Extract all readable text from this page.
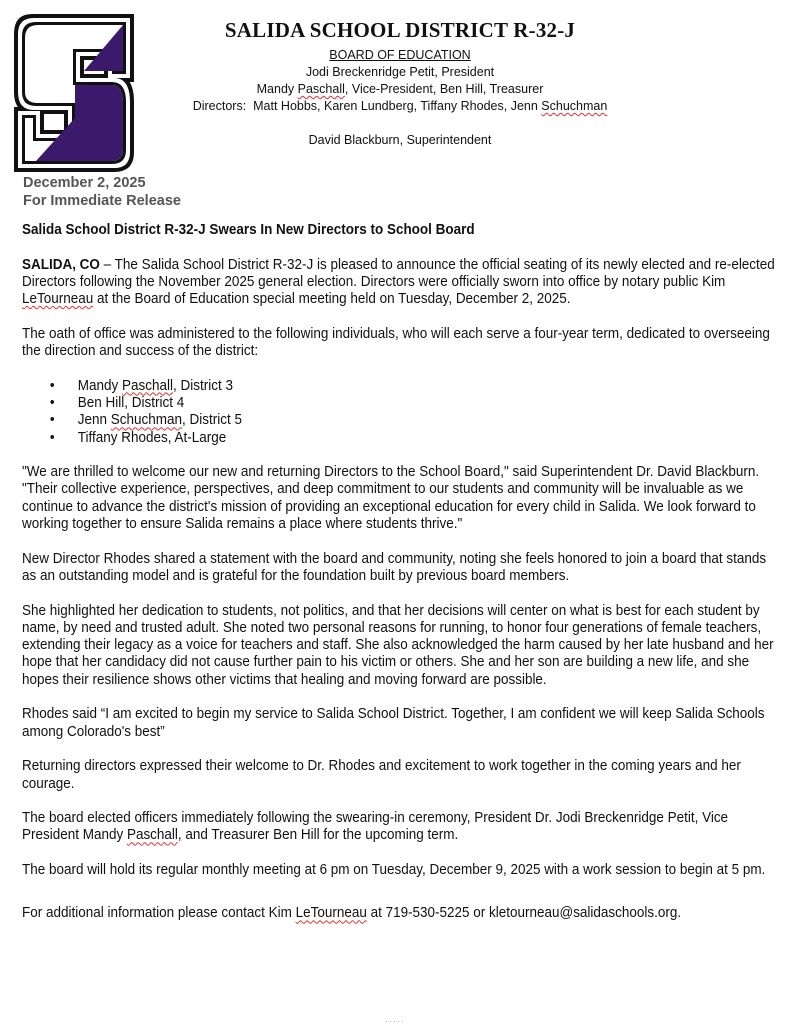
SALIDA SCHOOL DISTRICT R-32-J
BOARD OF EDUCATION
Jodi Breckenridge Petit, President
Mandy Paschall, Vice-President, Ben Hill, Treasurer
Directors:  Matt Hobbs, Karen Lundberg, Tiffany Rhodes, Jenn Schuchman
David Blackburn, Superintendent
December 2, 2025
For Immediate Release

Salida School District R-32-J Swears In New Directors to School Board

SALIDA, CO – The Salida School District R-32-J is pleased to announce the official seating of its newly elected and re-elected Directors following the November 2025 general election. Directors were officially sworn into office by notary public Kim LeTourneau at the Board of Education special meeting held on Tuesday, December 2, 2025.

The oath of office was administered to the following individuals, who will each serve a four-year term, dedicated to overseeing the direction and success of the district:

• Mandy Paschall, District 3
• Ben Hill, District 4
• Jenn Schuchman, District 5
• Tiffany Rhodes, At-Large

"We are thrilled to welcome our new and returning Directors to the School Board," said Superintendent Dr. David Blackburn. "Their collective experience, perspectives, and deep commitment to our students and community will be invaluable as we continue to advance the district's mission of providing an exceptional education for every child in Salida. We look forward to working together to ensure Salida remains a place where students thrive."

New Director Rhodes shared a statement with the board and community, noting she feels honored to join a board that stands as an outstanding model and is grateful for the foundation built by previous board members.

She highlighted her dedication to students, not politics, and that her decisions will center on what is best for each student by name, by need and trusted adult. She noted two personal reasons for running, to honor four generations of female teachers, extending their legacy as a voice for teachers and staff. She also acknowledged the harm caused by her late husband and her hope that her candidacy did not cause further pain to his victim or others. She and her son are building a new life, and she hopes their resilience shows other victims that healing and moving forward are possible.

Rhodes said “I am excited to begin my service to Salida School District. Together, I am confident we will keep Salida Schools among Colorado's best”

Returning directors expressed their welcome to Dr. Rhodes and excitement to work together in the coming years and her courage.

The board elected officers immediately following the swearing-in ceremony, President Dr. Jodi Breckenridge Petit, Vice President Mandy Paschall, and Treasurer Ben Hill for the upcoming term.

The board will hold its regular monthly meeting at 6 pm on Tuesday, December 9, 2025 with a work session to begin at 5 pm.

For additional information please contact Kim LeTourneau at 719-530-5225 or kletourneau@salidaschools.org.

·····
